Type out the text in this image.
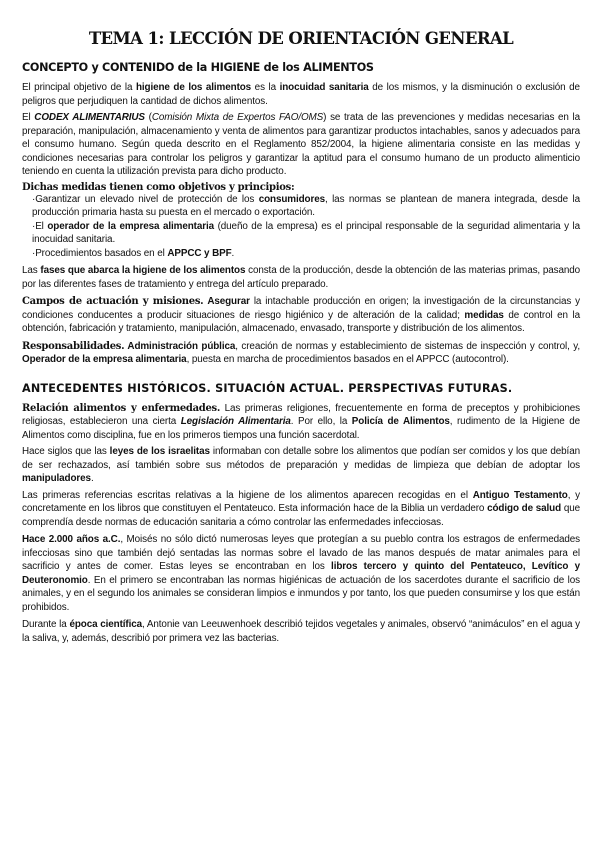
TEMA 1: LECCIÓN DE ORIENTACIÓN GENERAL
CONCEPTO y CONTENIDO de la HIGIENE de los ALIMENTOS

El principal objetivo de la higiene de los alimentos es la inocuidad sanitaria de los mismos, y la disminución o exclusión de peligros que perjudiquen la cantidad de dichos alimentos.

El CODEX ALIMENTARIUS (Comisión Mixta de Expertos FAO/OMS) se trata de las prevenciones y medidas necesarias en la preparación, manipulación, almacenamiento y venta de alimentos para garantizar productos intachables, sanos y adecuados para el consumo humano. Según queda descrito en el Reglamento 852/2004, la higiene alimentaria consiste en las medidas y condiciones necesarias para controlar los peligros y garantizar la aptitud para el consumo humano de un producto alimenticio teniendo en cuenta la utilización prevista para dicho producto.

Dichas medidas tienen como objetivos y principios:

·Garantizar un elevado nivel de protección de los consumidores, las normas se plantean de manera integrada, desde la producción primaria hasta su puesta en el mercado o exportación.

·El operador de la empresa alimentaria (dueño de la empresa) es el principal responsable de la seguridad alimentaria y la inocuidad sanitaria.

·Procedimientos basados en el APPCC y BPF.

Las fases que abarca la higiene de los alimentos consta de la producción, desde la obtención de las materias primas, pasando por las diferentes fases de tratamiento y entrega del artículo preparado.

Campos de actuación y misiones. Asegurar la intachable producción en origen; la investigación de la circunstancias y condiciones conducentes a producir situaciones de riesgo higiénico y de alteración de la calidad; medidas de control en la obtención, fabricación y tratamiento, manipulación, almacenado, envasado, transporte y distribución de los alimentos.

Responsabilidades. Administración pública, creación de normas y establecimiento de sistemas de inspección y control, y, Operador de la empresa alimentaria, puesta en marcha de procedimientos basados en el APPCC (autocontrol).

ANTECEDENTES HISTÓRICOS. SITUACIÓN ACTUAL. PERSPECTIVAS FUTURAS.

Relación alimentos y enfermedades. Las primeras religiones, frecuentemente en forma de preceptos y prohibiciones religiosas, establecieron una cierta Legislación Alimentaria. Por ello, la Policía de Alimentos, rudimento de la Higiene de Alimentos como disciplina, fue en los primeros tiempos una función sacerdotal.

Hace siglos que las leyes de los israelitas informaban con detalle sobre los alimentos que podían ser comidos y los que debían de ser rechazados, así también sobre sus métodos de preparación y medidas de limpieza que debían de adoptar los manipuladores.

Las primeras referencias escritas relativas a la higiene de los alimentos aparecen recogidas en el Antiguo Testamento, y concretamente en los libros que constituyen el Pentateuco. Esta información hace de la Biblia un verdadero código de salud que comprendía desde normas de educación sanitaria a cómo controlar las enfermedades infecciosas.

Hace 2.000 años a.C., Moisés no sólo dictó numerosas leyes que protegían a su pueblo contra los estragos de enfermedades infecciosas sino que también dejó sentadas las normas sobre el lavado de las manos después de matar animales para el sacrificio y antes de comer. Estas leyes se encontraban en los libros tercero y quinto del Pentateuco, Levítico y Deuteronomio. En el primero se encontraban las normas higiénicas de actuación de los sacerdotes durante el sacrificio de los animales, y en el segundo los animales se consideran limpios e inmundos y por tanto, los que pueden consumirse y los que están prohibidos.

Durante la época científica, Antonie van Leeuwenhoek describió tejidos vegetales y animales, observó “animáculos” en el agua y la saliva, y, además, describió por primera vez las bacterias.
